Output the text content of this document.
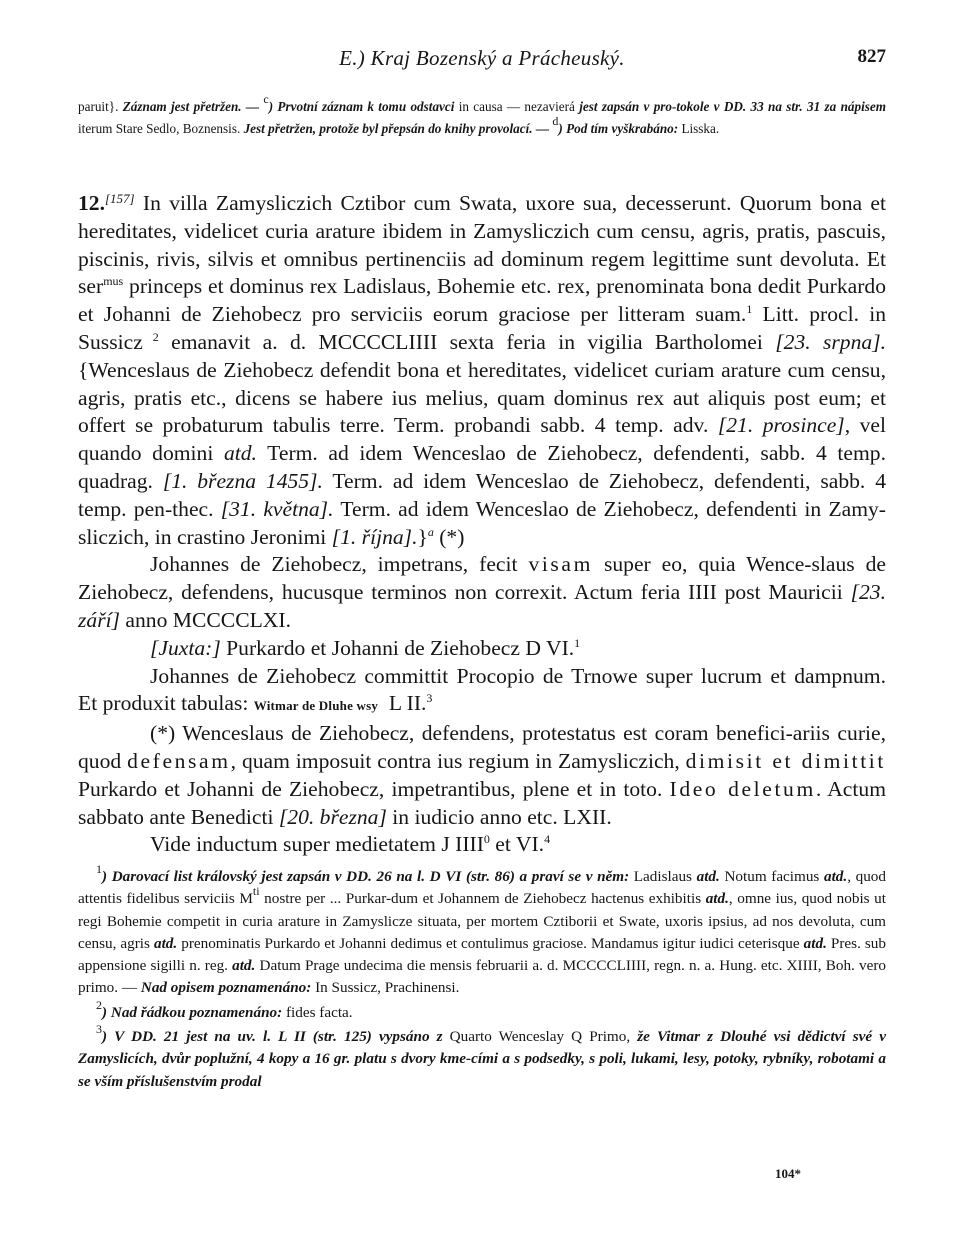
E.) Kraj Bozenský a Prácheuský.	827
paruit}. Záznam jest přetržen. — $^c$) Prvotní záznam k tomu odstavci in causa — nezavierá jest zapsán v pro-tokole v DD. 33 na str. 31 za nápisem iterum Stare Sedlo, Boznensis. Jest přetržen, protože byl přepsán do knihy provolací. — $^d$) Pod tím vyškrabáno: Lisska.

12.[157] In villa Zamysliczich Cztibor cum Swata, uxore sua, decesserunt. Quorum bona et hereditates, videlicet curia arature ibidem in Zamysliczich cum censu, agris, pratis, pascuis, piscinis, rivis, silvis et omnibus pertinenciis ad dominum regem legittime sunt devoluta. Et ser$^{mus}$ princeps et dominus rex Ladislaus, Bohemie etc. rex, prenominata bona dedit Purkardo et Johanni de Ziehobecz pro serviciis eorum graciose per litteram suam.$^1$ Litt. procl. in Sussicz $^2$ emanavit a. d. MCCCCLIIII sexta feria in vigilia Bartholomei [23. srpna].         {Wenceslaus de Ziehobecz defendit bona et hereditates, videlicet curiam arature cum censu, agris, pratis etc., dicens se habere ius melius, quam dominus rex aut aliquis post eum; et offert se probaturum tabulis terre. Term. probandi sabb. 4 temp. adv. [21. prosince], vel quando domini atd. Term. ad idem Wenceslao de Ziehobecz, defendenti, sabb. 4 temp. quadrag. [1. března 1455]. Term. ad idem Wenceslao de Ziehobecz, defendenti, sabb. 4 temp. pen-thec. [31. května]. Term. ad idem Wenceslao de Ziehobecz, defendenti in Zamy-sliczich, in crastino Jeronimi [1. října].}$^a$ (*)

Johannes de Ziehobecz, impetrans, fecit visam super eo, quia Wence-slaus de Ziehobecz, defendens, hucusque terminos non correxit. Actum feria IIII post Mauricii [23. září] anno MCCCCLXI.

[Juxta:] Purkardo et Johanni de Ziehobecz D VI.$^1$

Johannes de Ziehobecz committit Procopio de Trnowe super lucrum et dampnum.       Et produxit tabulas: Witmar de Dluhe wsy  L II.$^3$

(*) Wenceslaus de Ziehobecz, defendens, protestatus est coram benefici-ariis curie, quod defensam, quam imposuit contra ius regium in Zamysliczich, dimisit et dimittit Purkardo et Johanni de Ziehobecz, impetrantibus, plene et in toto. Ideo deletum. Actum sabbato ante Benedicti [20. března] in iudicio anno etc. LXII.

Vide inductum super medietatem J IIII$^0$ et VI.$^4$

$^1$) Darovací list královský jest zapsán v DD. 26 na l. D VI (str. 86) a praví se v něm: Ladislaus atd. Notum facimus atd., quod attentis fidelibus serviciis $M^{ti}$ nostre per ... Purkar-dum et Johannem de Ziehobecz hactenus exhibitis atd., omne ius, quod nobis ut regi Bohemie competit in curia arature in Zamyslicze situata, per mortem Cztiborii et Swate, uxoris ipsius, ad nos devoluta, cum censu, agris atd. prenominatis Purkardo et Johanni dedimus et contulimus graciose. Mandamus igitur iudici ceterisque atd. Pres. sub appensione sigilli n. reg. atd. Datum Prage undecima die mensis februarii a. d. MCCCCLIIII, regn. n. a. Hung. etc. XIIII, Boh. vero primo. — Nad opisem poznamenáno: In Sussicz, Prachinensi.

$^2$) Nad řádkou poznamenáno: fides facta.

$^3$) V DD. 21 jest na uv. l. L II (str. 125) vypsáno z Quarto Wenceslay Q Primo, že Vitmar z Dlouhé vsi dědictví své v Zamyslicích, dvůr poplužní, 4 kopy a 16 gr. platu s dvory kme-cími a s podsedky, s poli, lukami, lesy, potoky, rybníky, robotami a se vším příslušenstvím prodal

104*
